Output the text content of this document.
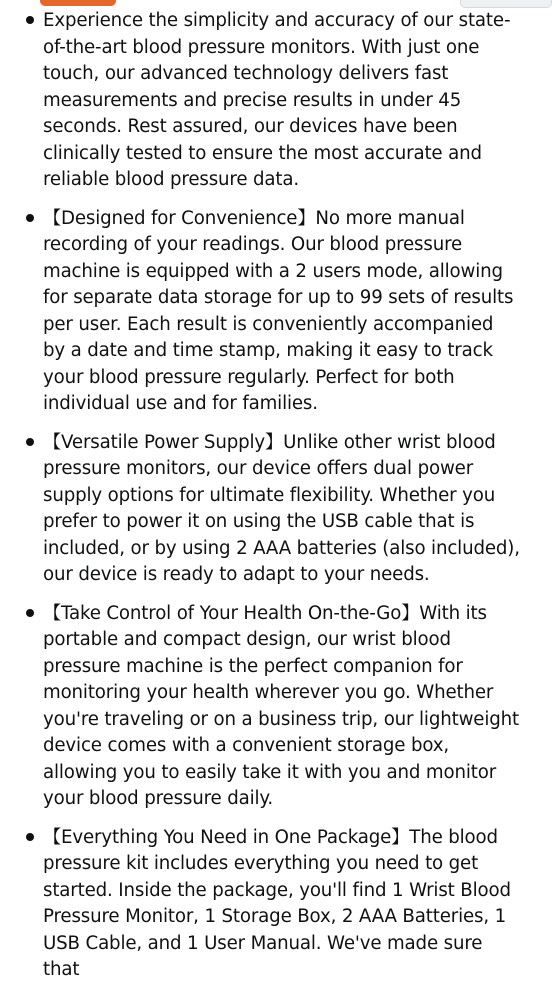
Experience the simplicity and accuracy of our state-of-the-art blood pressure monitors. With just one touch, our advanced technology delivers fast measurements and precise results in under 45 seconds. Rest assured, our devices have been clinically tested to ensure the most accurate and reliable blood pressure data.
【Designed for Convenience】No more manual recording of your readings. Our blood pressure machine is equipped with a 2 users mode, allowing for separate data storage for up to 99 sets of results per user. Each result is conveniently accompanied by a date and time stamp, making it easy to track your blood pressure regularly. Perfect for both individual use and for families.
【Versatile Power Supply】Unlike other wrist blood pressure monitors, our device offers dual power supply options for ultimate flexibility. Whether you prefer to power it on using the USB cable that is included, or by using 2 AAA batteries (also included), our device is ready to adapt to your needs.
【Take Control of Your Health On-the-Go】With its portable and compact design, our wrist blood pressure machine is the perfect companion for monitoring your health wherever you go. Whether you're traveling or on a business trip, our lightweight device comes with a convenient storage box, allowing you to easily take it with you and monitor your blood pressure daily.
【Everything You Need in One Package】The blood pressure kit includes everything you need to get started. Inside the package, you'll find 1 Wrist Blood Pressure Monitor, 1 Storage Box, 2 AAA Batteries, 1 USB Cable, and 1 User Manual. We've made sure that
